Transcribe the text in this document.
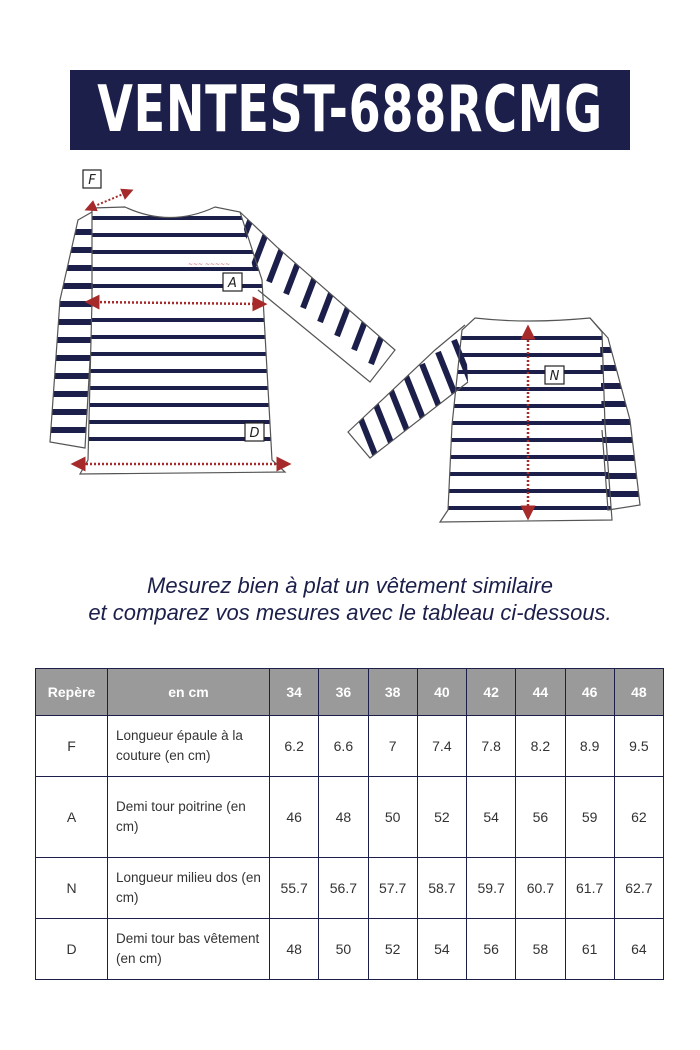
VENTEST-688RCMG
~~~ ~~~~~
F
A
D
N
Mesurez bien à plat un vêtement similaire
et comparez vos mesures avec le tableau ci-dessous.
Repère	en cm	34	36	38	40	42	44	46	48
F	Longueur épaule à la couture (en cm)	6.2	6.6	7	7.4	7.8	8.2	8.9	9.5
A	Demi tour poitrine (en cm)	46	48	50	52	54	56	59	62
N	Longueur milieu dos (en cm)	55.7	56.7	57.7	58.7	59.7	60.7	61.7	62.7
D	Demi tour bas vêtement (en cm)	48	50	52	54	56	58	61	64
